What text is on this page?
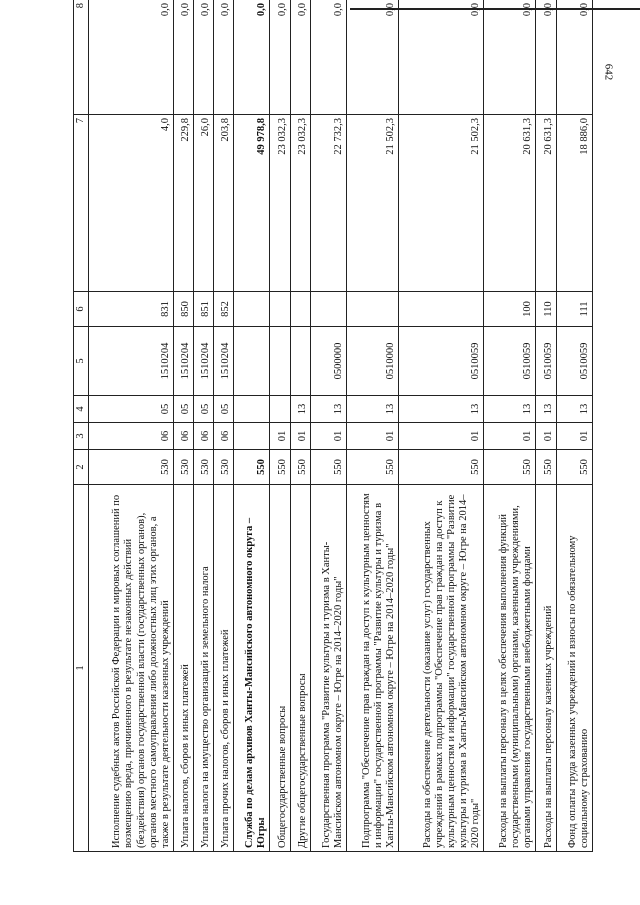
642
1	2	3	4	5	6	7	8
Исполнение судебных актов Российской Федерации и мировых соглашений по возмещению вреда, причиненного в результате незаконных действий (бездействия) органов государственной власти (государственных органов), органов местного самоуправления либо должностных лиц этих органов, а также в результате деятельности казенных учреждений	530	06	05	1510204	831	4,0	0,0
Уплата налогов, сборов и иных платежей	530	06	05	1510204	850	229,8	0,0
Уплата налога на имущество организаций и земельного налога	530	06	05	1510204	851	26,0	0,0
Уплата прочих налогов, сборов и иных платежей	530	06	05	1510204	852	203,8	0,0
Служба по делам архивов Ханты-Мансийского автономного округа – Югры	550					49 978,8	0,0
Общегосударственные вопросы	550	01				23 032,3	0,0
Другие общегосударственные вопросы	550	01	13			23 032,3	0,0
Государственная программа "Развитие культуры и туризма в Ханты-Мансийском автономном округе – Югре на 2014–2020 годы"	550	01	13	0500000		22 732,3	0,0
Подпрограмма "Обеспечение прав граждан на доступ к культурным ценностям и информации" государственной программы "Развитие культуры и туризма в Ханты-Мансийском автономном округе – Югре на 2014–2020 годы"	550	01	13	0510000		21 502,3	0,0
Расходы на обеспечение деятельности (оказание услуг) государственных учреждений в рамках подпрограммы "Обеспечение прав граждан на доступ к культурным ценностям и информации" государственной программы "Развитие культуры и туризма в Ханты-Мансийском автономном округе – Югре на 2014–2020 годы"	550	01	13	0510059		21 502,3	0,0
Расходы на выплаты персоналу в целях обеспечения выполнения функций государственными (муниципальными) органами, казенными учреждениями, органами управления государственными внебюджетными фондами	550	01	13	0510059	100	20 631,3	0,0
Расходы на выплаты персоналу казенных учреждений	550	01	13	0510059	110	20 631,3	0,0
Фонд оплаты труда казенных учреждений и взносы по обязательному социальному страхованию	550	01	13	0510059	111	18 886,0	0,0
